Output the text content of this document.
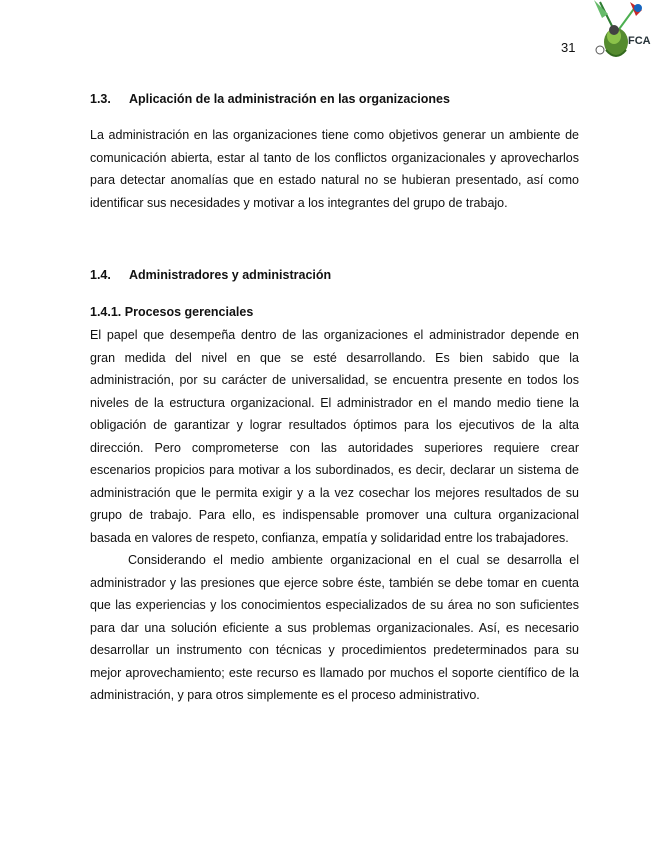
31	FCA
1.3. Aplicación de la administración en las organizaciones

La administración en las organizaciones tiene como objetivos generar un ambiente de comunicación abierta, estar al tanto de los conflictos organizacionales y aprovecharlos para detectar anomalías que en estado natural no se hubieran presentado, así como identificar sus necesidades y motivar a los integrantes del grupo de trabajo.

1.4. Administradores y administración
1.4.1. Procesos gerenciales

El papel que desempeña dentro de las organizaciones el administrador depende en gran medida del nivel en que se esté desarrollando. Es bien sabido que la administración, por su carácter de universalidad, se encuentra presente en todos los niveles de la estructura organizacional. El administrador en el mando medio tiene la obligación de garantizar y lograr resultados óptimos para los ejecutivos de la alta dirección. Pero comprometerse con las autoridades superiores requiere crear escenarios propicios para motivar a los subordinados, es decir, declarar un sistema de administración que le permita exigir y a la vez cosechar los mejores resultados de su grupo de trabajo. Para ello, es indispensable promover una cultura organizacional basada en valores de respeto, confianza, empatía y solidaridad entre los trabajadores.

Considerando el medio ambiente organizacional en el cual se desarrolla el administrador y las presiones que ejerce sobre éste, también se debe tomar en cuenta que las experiencias y los conocimientos especializados de su área no son suficientes para dar una solución eficiente a sus problemas organizacionales. Así, es necesario desarrollar un instrumento con técnicas y procedimientos predeterminados para su mejor aprovechamiento; este recurso es llamado por muchos el soporte científico de la administración, y para otros simplemente es el proceso administrativo.
